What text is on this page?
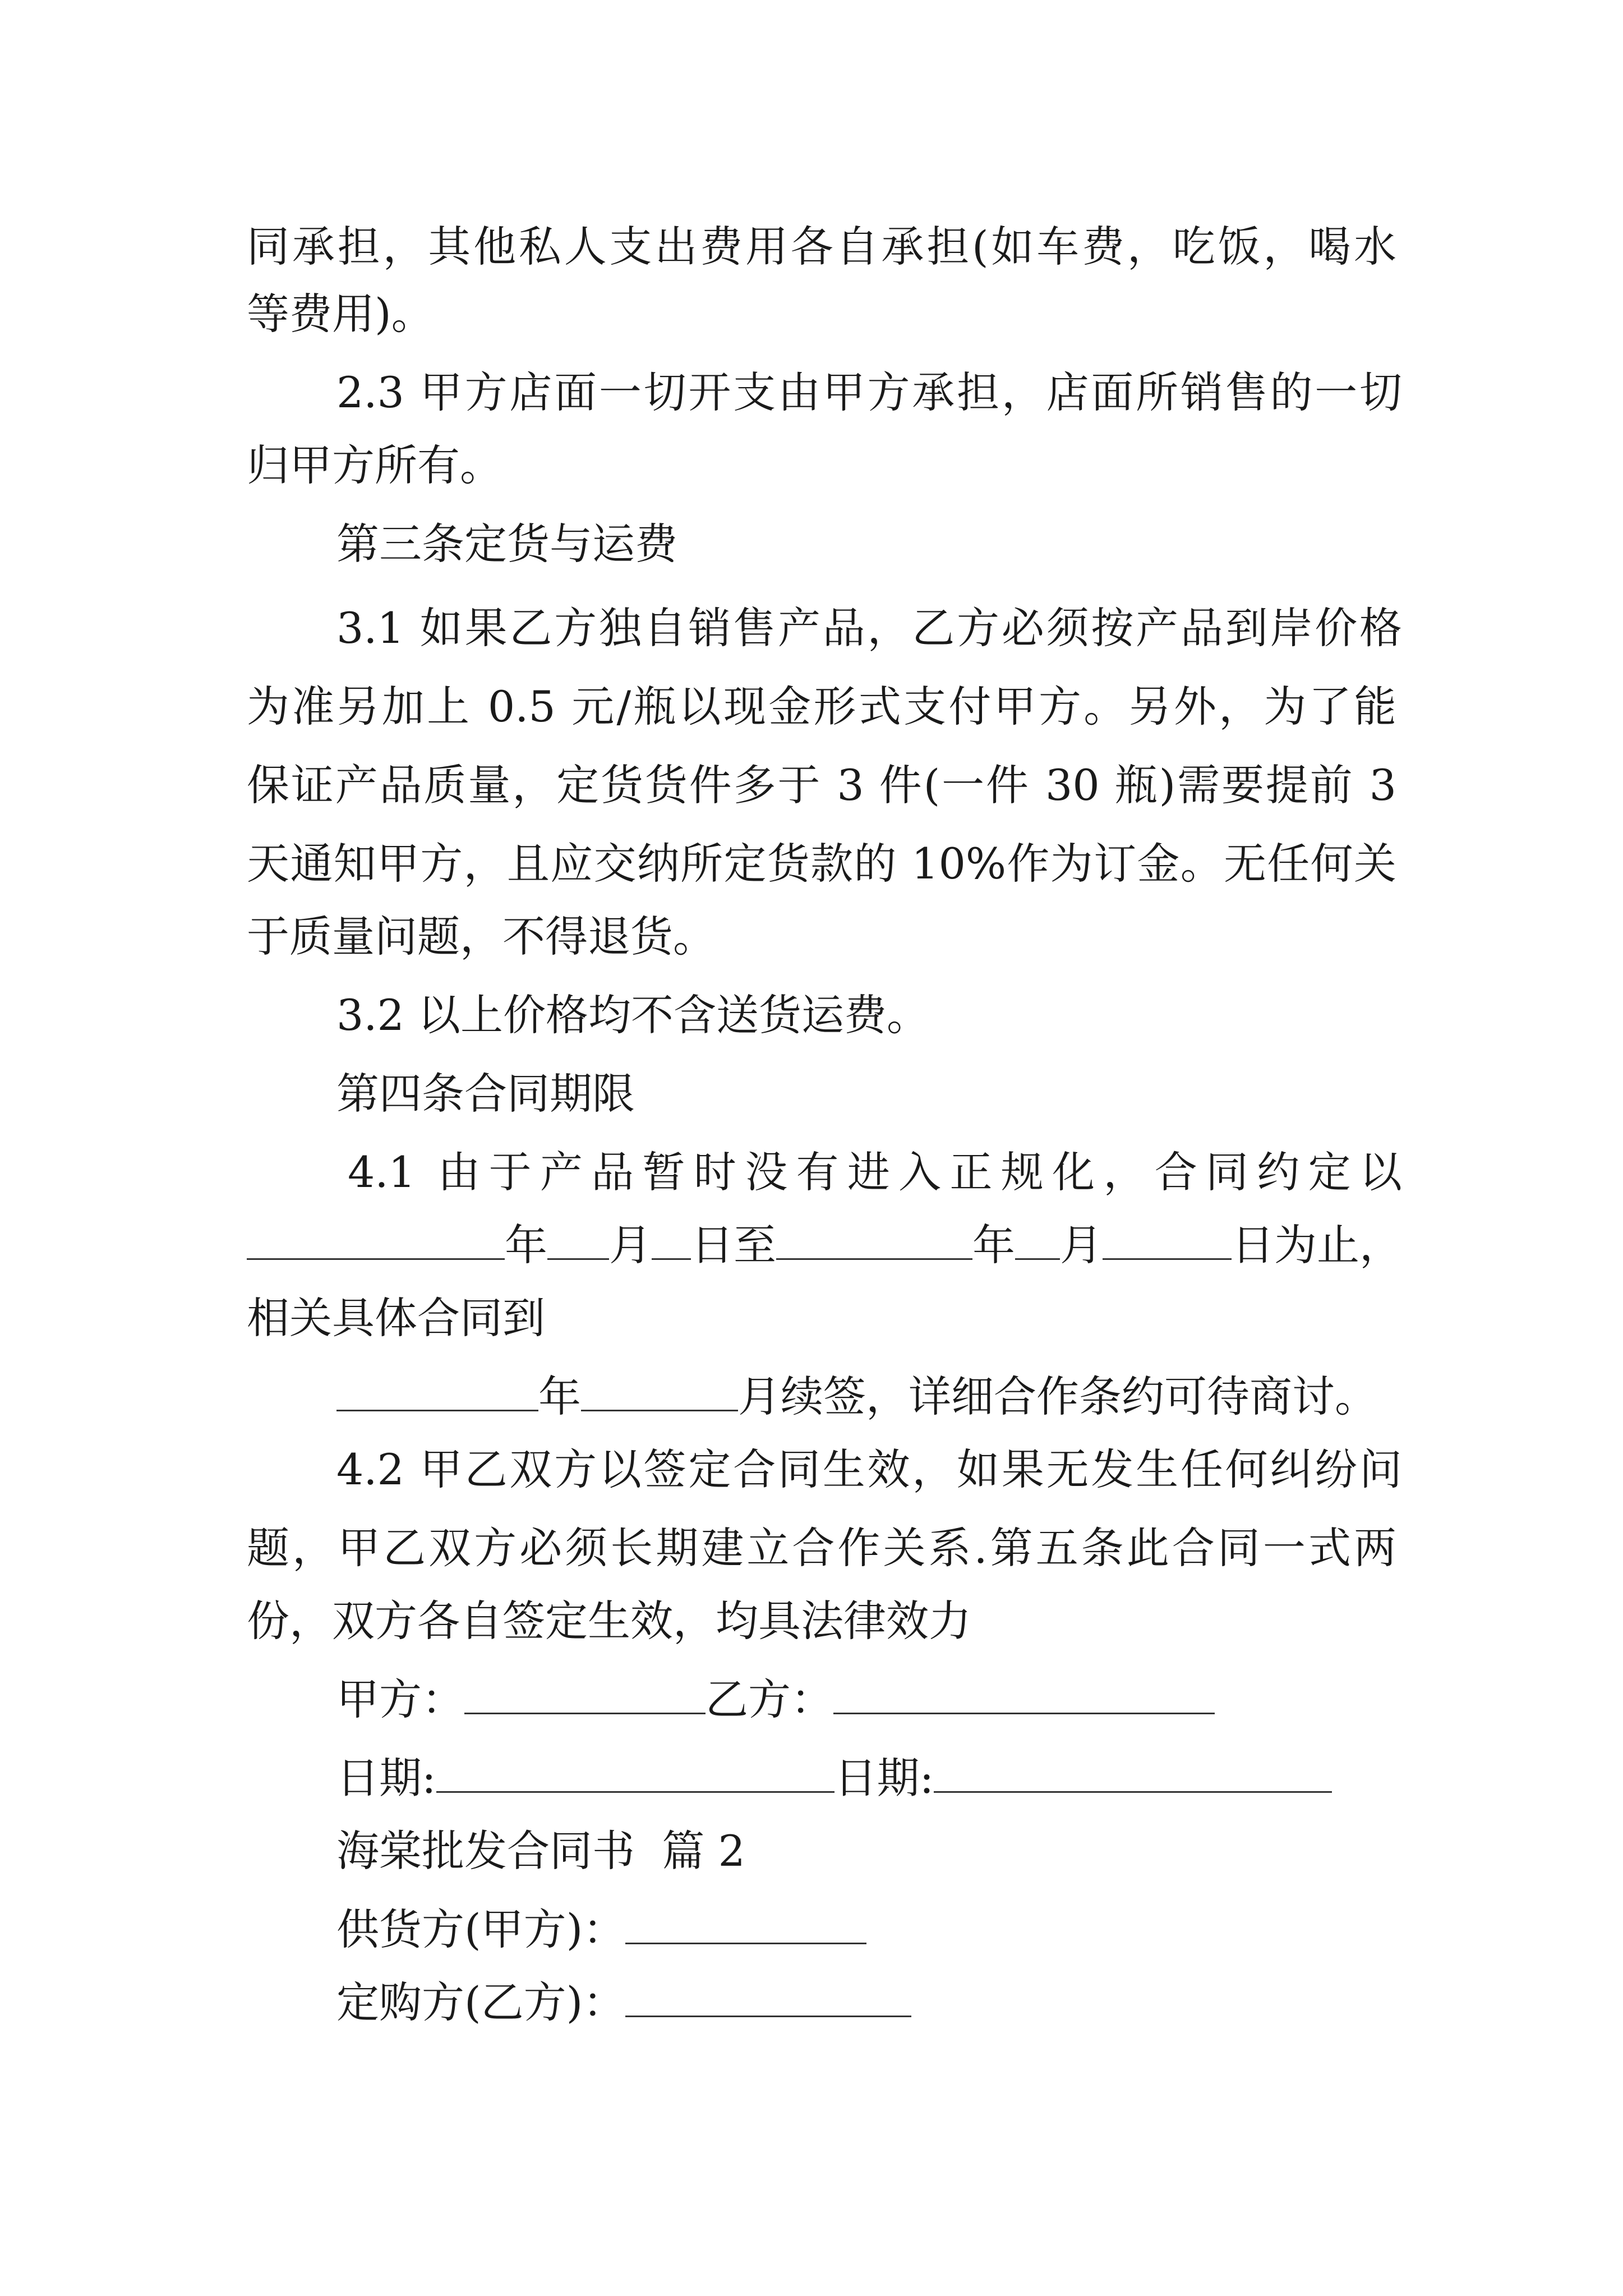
同承担，其他私人支出费用各自承担(如车费，吃饭，喝水
等费用)。
2.3 甲方店面一切开支由甲方承担，店面所销售的一切
归甲方所有。
第三条定货与运费
3.1 如果乙方独自销售产品，乙方必须按产品到岸价格
为准另加上 0.5 元/瓶以现金形式支付甲方。另外，为了能
保证产品质量，定货货件多于 3 件(一件 30 瓶)需要提前 3
天通知甲方，且应交纳所定货款的 10%作为订金。无任何关
于质量问题，不得退货。
3.2 以上价格均不含送货运费。
第四条合同期限
4.1 由于产品暂时没有进入正规化，合同约定以
年 月 日至	年 月	日为止，
相关具体合同到
年	月续签，详细合作条约可待商讨。
4.2 甲乙双方以签定合同生效，如果无发生任何纠纷问
题，甲乙双方必须长期建立合作关系.第五条此合同一式两
份，双方各自签定生效，均具法律效力
甲方：	乙方：
日期:	日期:
海棠批发合同书  篇 2
供货方(甲方)：
定购方(乙方)：
